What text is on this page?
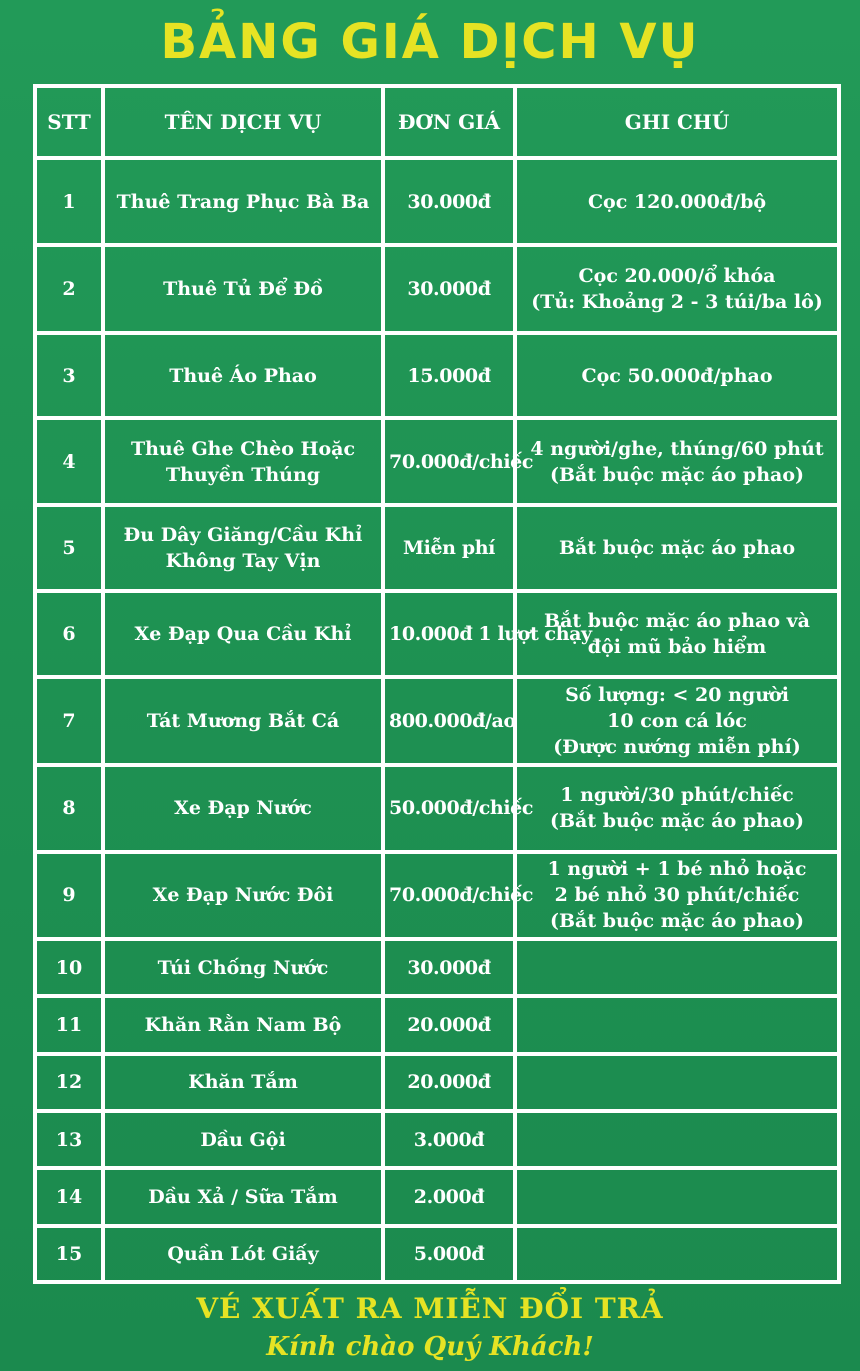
BẢNG GIÁ DỊCH VỤ
STT	TÊN DỊCH VỤ	ĐƠN GIÁ	GHI CHÚ
1	Thuê Trang Phục Bà Ba	30.000đ	Cọc 120.000đ/bộ
2	Thuê Tủ Để Đồ	30.000đ	Cọc 20.000/ổ khóa
(Tủ: Khoảng 2 - 3 túi/ba lô)
3	Thuê Áo Phao	15.000đ	Cọc 50.000đ/phao
4	Thuê Ghe Chèo Hoặc
Thuyền Thúng	70.000đ/chiếc	4 người/ghe, thúng/60 phút
(Bắt buộc mặc áo phao)
5	Đu Dây Giăng/Cầu Khỉ
Không Tay Vịn	Miễn phí	Bắt buộc mặc áo phao
6	Xe Đạp Qua Cầu Khỉ	10.000đ 1 lượt chạy	Bắt buộc mặc áo phao và
đội mũ bảo hiểm
7	Tát Mương Bắt Cá	800.000đ/ao	Số lượng: < 20 người
10 con cá lóc
(Được nướng miễn phí)
8	Xe Đạp Nước	50.000đ/chiếc	1 người/30 phút/chiếc
(Bắt buộc mặc áo phao)
9	Xe Đạp Nước Đôi	70.000đ/chiếc	1 người + 1 bé nhỏ hoặc
2 bé nhỏ 30 phút/chiếc
(Bắt buộc mặc áo phao)
10	Túi Chống Nước	30.000đ	
11	Khăn Rằn Nam Bộ	20.000đ	
12	Khăn Tắm	20.000đ	
13	Dầu Gội	3.000đ	
14	Dầu Xả / Sữa Tắm	2.000đ	
15	Quần Lót Giấy	5.000đ	
VÉ XUẤT RA MIỄN ĐỔI TRẢ
Kính chào Quý Khách!
